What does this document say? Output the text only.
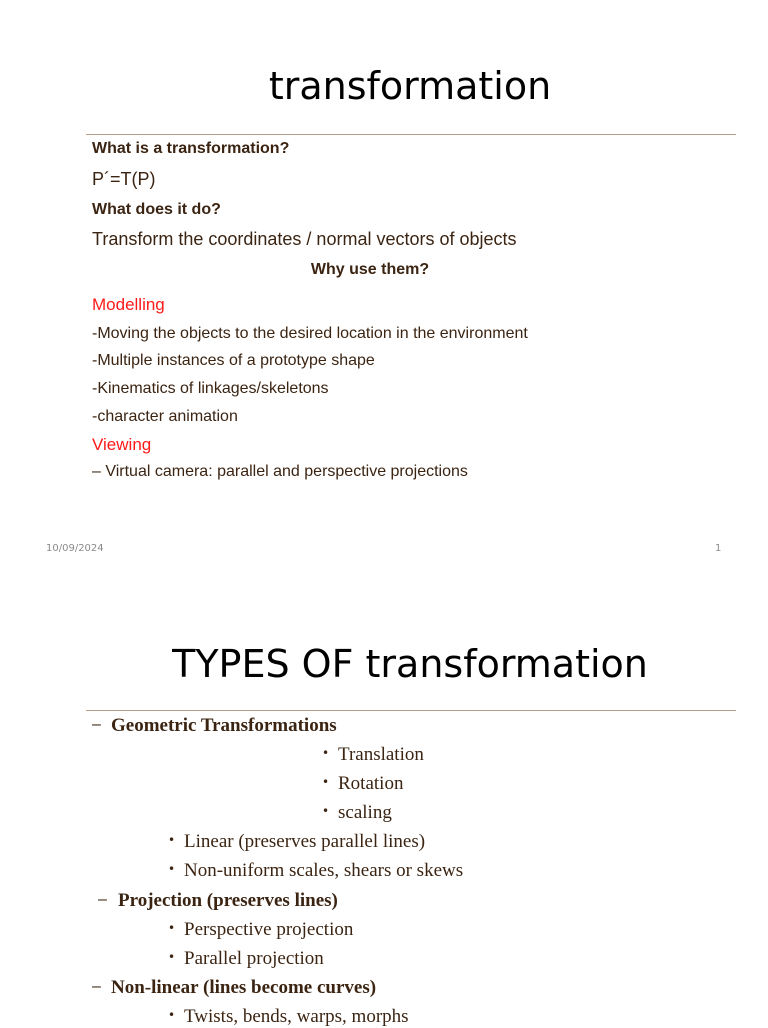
transformation
What is a transformation?
P´=T(P)
What does it do?
Transform the coordinates / normal vectors of objects
Why use them?
Modelling
-Moving the objects to the desired location in the environment
-Multiple instances of a prototype shape
-Kinematics of linkages/skeletons
-character animation
Viewing
– Virtual camera: parallel and perspective projections
10/09/2024	1
TYPES OF transformation
– Geometric Transformations
• Translation
• Rotation
• scaling
• Linear (preserves parallel lines)
• Non-uniform scales, shears or skews
– Projection (preserves lines)
• Perspective projection
• Parallel projection
– Non-linear (lines become curves)
• Twists, bends, warps, morphs
